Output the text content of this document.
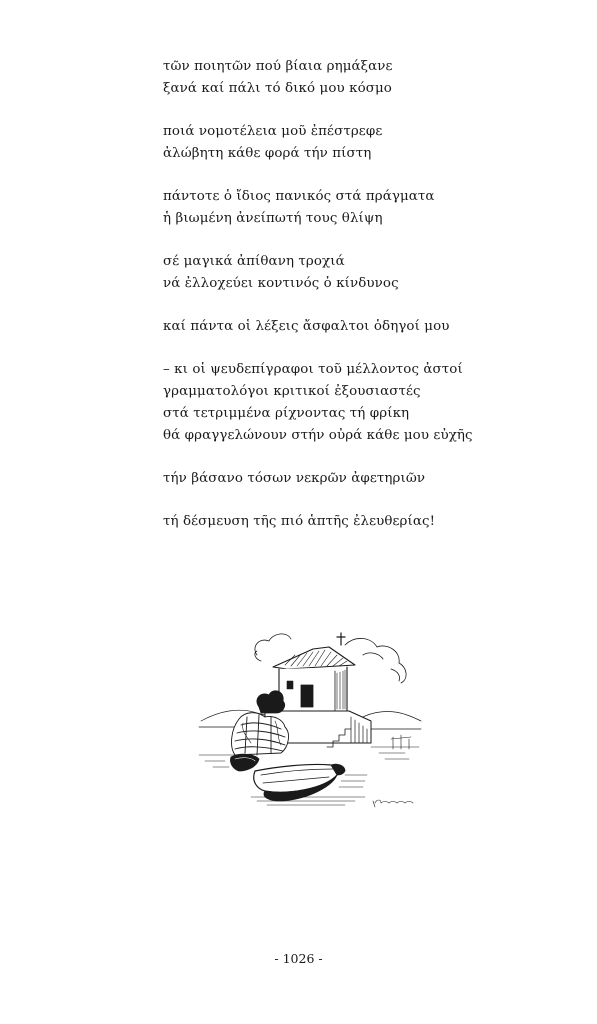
τῶν ποιητῶν πού βίαια ρημάξανε
ξανά καί πάλι τό δικό μου κόσμο
ποιά νομοτέλεια μοῦ ἐπέστρεφε
ἀλώβητη κάθε φορά τήν πίστη
πάντοτε ὁ ἴδιος πανικός στά πράγματα
ἡ βιωμένη ἀνείπωτή τους θλίψη
σέ μαγικά ἀπίθανη τροχιά
νά ἐλλοχεύει κοντινός ὁ κίνδυνος
καί πάντα οἱ λέξεις ἄσφαλτοι ὁδηγοί μου
– κι οἱ ψευδεπίγραφοι τοῦ μέλλοντος ἀστοί
γραμματολόγοι κριτικοί ἐξουσιαστές
στά τετριμμένα ρίχνοντας τή φρίκη
θά φραγγελώνουν στήν οὐρά κάθε μου εὐχῆς
τήν βάσανο τόσων νεκρῶν ἀφετηριῶν
τή δέσμευση τῆς πιό ἁπτῆς ἐλευθερίας!
- 1026 -
